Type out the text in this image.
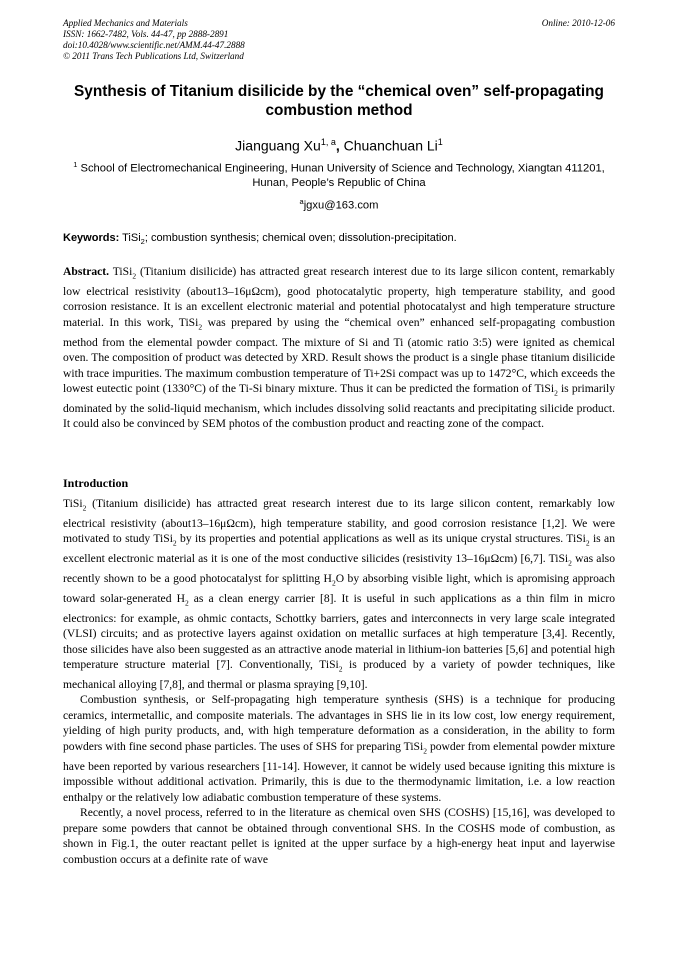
Applied Mechanics and Materials
ISSN: 1662-7482, Vols. 44-47, pp 2888-2891
doi:10.4028/www.scientific.net/AMM.44-47.2888
© 2011 Trans Tech Publications Ltd, Switzerland
Online: 2010-12-06
Synthesis of Titanium disilicide by the “chemical oven” self-propagating combustion method
Jianguang Xu$^{1, a}$, Chuanchuan Li$^1$
$^1$ School of Electromechanical Engineering, Hunan University of Science and Technology, Xiangtan 411201, Hunan, People’s Republic of China
$^a$jgxu@163.com
Keywords: TiSi$_2$; combustion synthesis; chemical oven; dissolution-precipitation.

Abstract. TiSi$_2$ (Titanium disilicide) has attracted great research interest due to its large silicon content, remarkably low electrical resistivity (about13–16μΩcm), good photocatalytic property, high temperature stability, and good corrosion resistance. It is an excellent electronic material and potential photocatalyst and high temperature structure material. In this work, TiSi$_2$ was prepared by using the “chemical oven” enhanced self-propagating combustion method from the elemental powder compact. The mixture of Si and Ti (atomic ratio 3:5) were ignited as chemical oven. The composition of product was detected by XRD. Result shows the product is a single phase titanium disilicide with trace impurities. The maximum combustion temperature of Ti+2Si compact was up to 1472°C, which exceeds the lowest eutectic point (1330°C) of the Ti-Si binary mixture. Thus it can be predicted the formation of TiSi$_2$ is primarily dominated by the solid-liquid mechanism, which includes dissolving solid reactants and precipitating silicide product. It could also be convinced by SEM photos of the combustion product and reacting zone of the compact.

Introduction

TiSi$_2$ (Titanium disilicide) has attracted great research interest due to its large silicon content, remarkably low electrical resistivity (about13–16μΩcm), high temperature stability, and good corrosion resistance [1,2]. We were motivated to study TiSi$_2$ by its properties and potential applications as well as its unique crystal structures. TiSi$_2$ is an excellent electronic material as it is one of the most conductive silicides (resistivity 13–16μΩcm) [6,7]. TiSi$_2$ was also recently shown to be a good photocatalyst for splitting $H_2O$ by absorbing visible light, which is apromising approach toward solar-generated $H_2$ as a clean energy carrier [8]. It is useful in such applications as a thin film in micro electronics: for example, as ohmic contacts, Schottky barriers, gates and interconnects in very large scale integrated (VLSI) circuits; and as protective layers against oxidation on metallic surfaces at high temperature [3,4]. Recently, those silicides have also been suggested as an attractive anode material in lithium-ion batteries [5,6] and potential high temperature structure material [7]. Conventionally, TiSi$_2$ is produced by a variety of powder techniques, like mechanical alloying [7,8], and thermal or plasma spraying [9,10].

Combustion synthesis, or Self-propagating high temperature synthesis (SHS) is a technique for producing ceramics, intermetallic, and composite materials. The advantages in SHS lie in its low cost, low energy requirement, yielding of high purity products, and, with high temperature deformation as a consideration, in the ability to form powders with fine second phase particles. The uses of SHS for preparing TiSi$_2$ powder from elemental powder mixture have been reported by various researchers [11-14]. However, it cannot be widely used because igniting this mixture is impossible without additional activation. Primarily, this is due to the thermodynamic limitation, i.e. a low reaction enthalpy or the relatively low adiabatic combustion temperature of these systems.

Recently, a novel process, referred to in the literature as chemical oven SHS (COSHS) [15,16], was developed to prepare some powders that cannot be obtained through conventional SHS. In the COSHS mode of combustion, as shown in Fig.1, the outer reactant pellet is ignited at the upper surface by a high-energy heat input and layerwise combustion occurs at a definite rate of wave
